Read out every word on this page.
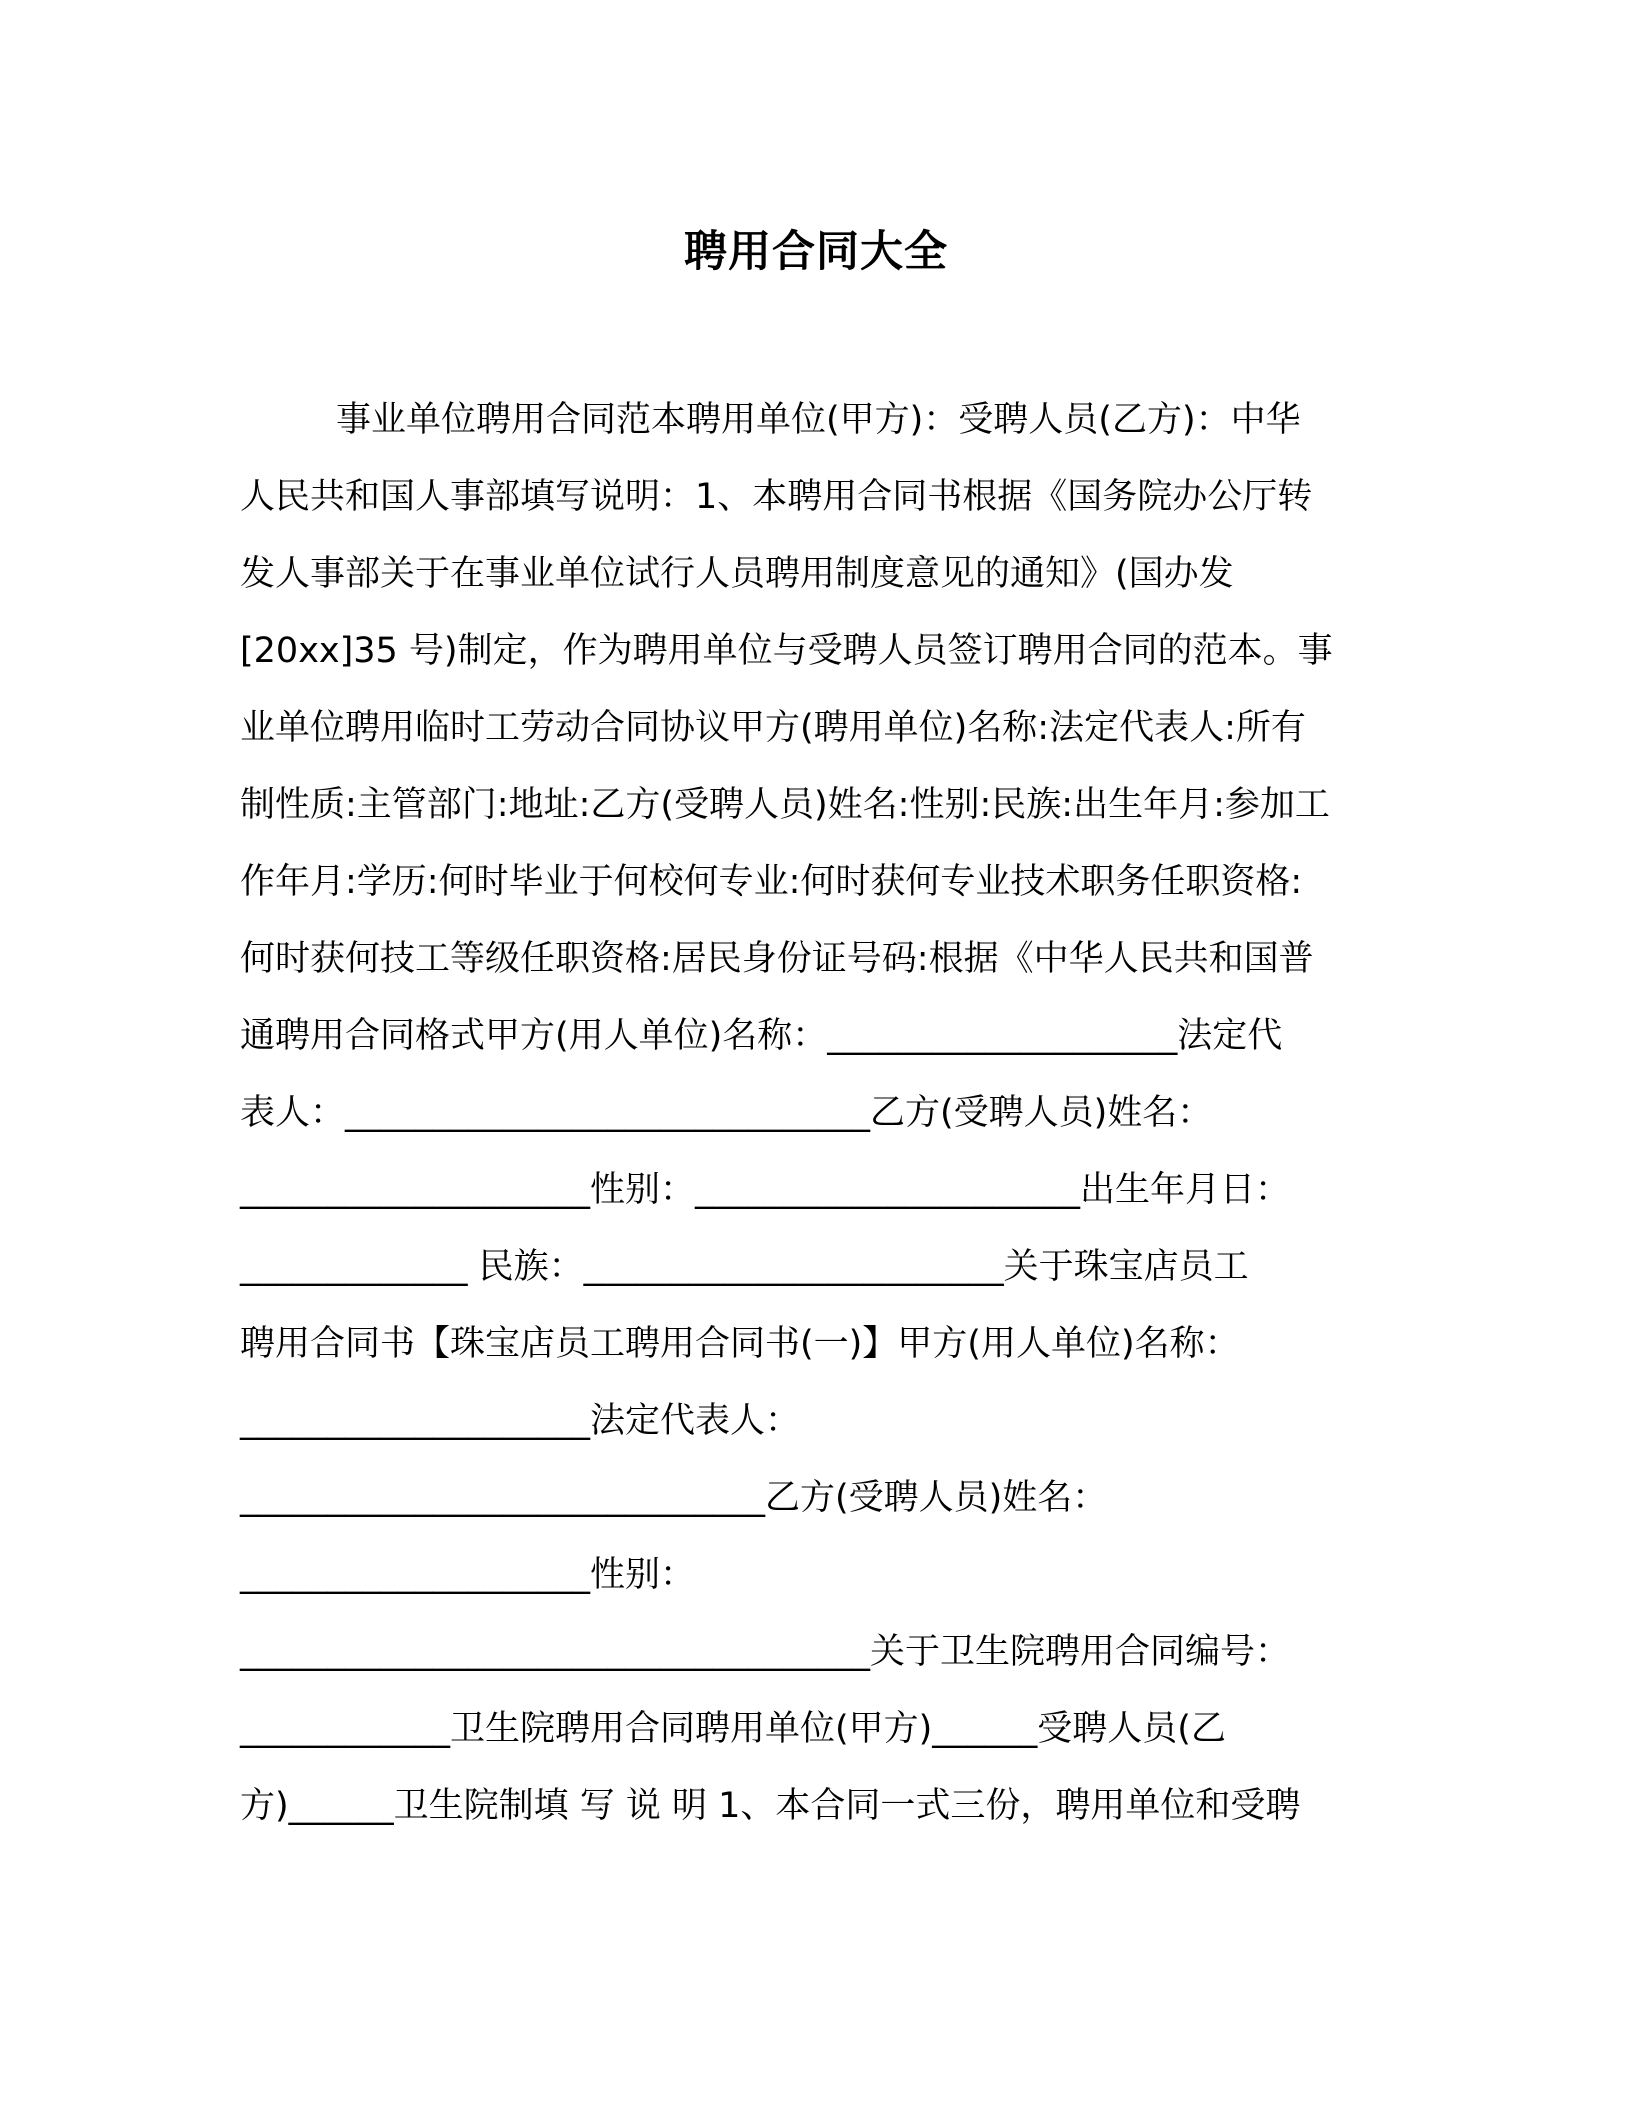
聘用合同大全
事业单位聘用合同范本聘用单位(甲方)：受聘人员(乙方)：中华
人民共和国人事部填写说明：1、本聘用合同书根据《国务院办公厅转
发人事部关于在事业单位试行人员聘用制度意见的通知》(国办发
[20xx]35 号)制定，作为聘用单位与受聘人员签订聘用合同的范本。事
业单位聘用临时工劳动合同协议甲方(聘用单位)名称:法定代表人:所有
制性质:主管部门:地址:乙方(受聘人员)姓名:性别:民族:出生年月:参加工
作年月:学历:何时毕业于何校何专业:何时获何专业技术职务任职资格:
何时获何技工等级任职资格:居民身份证号码:根据《中华人民共和国普
通聘用合同格式甲方(用人单位)名称：____________________法定代
表人：______________________________乙方(受聘人员)姓名：
____________________性别：______________________出生年月日：
_____________ 民族：________________________关于珠宝店员工
聘用合同书【珠宝店员工聘用合同书(一)】甲方(用人单位)名称：
____________________法定代表人：
______________________________乙方(受聘人员)姓名：
____________________性别：
____________________________________关于卫生院聘用合同编号：
____________卫生院聘用合同聘用单位(甲方)______受聘人员(乙
方)______卫生院制填 写 说 明 1、本合同一式三份，聘用单位和受聘
